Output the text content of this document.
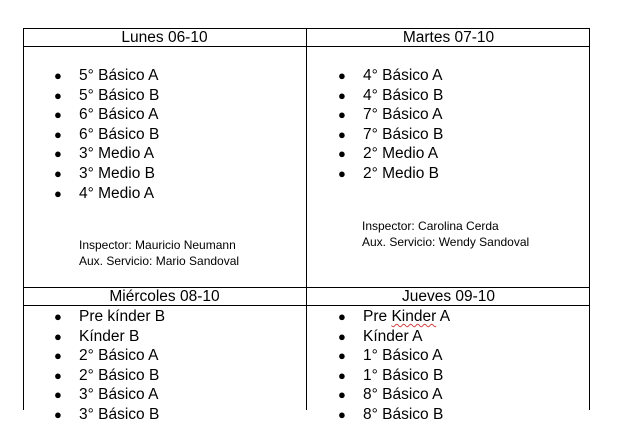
Lunes 06-10
● 5° Básico A
● 5° Básico B
● 6° Básico A
● 6° Básico B
● 3° Medio A
● 3° Medio B
● 4° Medio A
Inspector: Mauricio Neumann
Aux. Servicio: Mario Sandoval
Martes 07-10
● 4° Básico A
● 4° Básico B
● 7° Básico A
● 7° Básico B
● 2° Medio A
● 2° Medio B
Inspector: Carolina Cerda
Aux. Servicio: Wendy Sandoval
Miércoles 08-10
● Pre kínder B
● Kínder B
● 2° Básico A
● 2° Básico B
● 3° Básico A
● 3° Básico B
Jueves 09-10
● Pre Kinder A
● Kínder A
● 1° Básico A
● 1° Básico B
● 8° Básico A
● 8° Básico B
